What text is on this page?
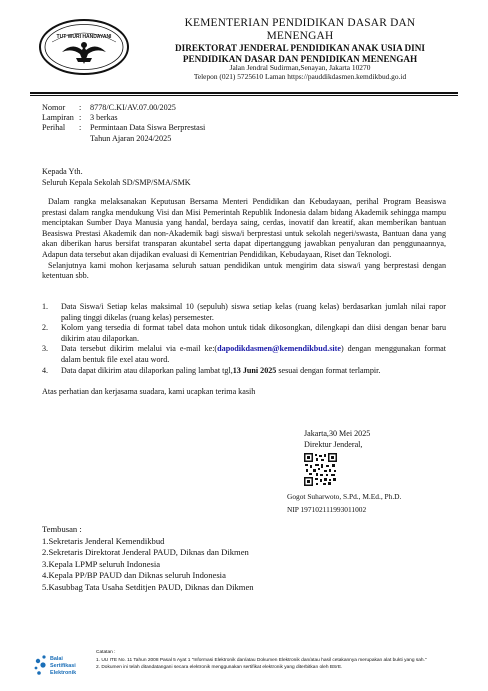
TUT WURI HANDAYANI
KEMENTERIAN PENDIDIKAN DASAR DAN
MENENGAH
DIREKTORAT JENDERAL PENDIDIKAN ANAK USIA DINI
PENDIDIKAN DASAR DAN PENDIDIKAN MENENGAH
Jalan Jendral Sudirman,Senayan, Jakarta 10270
Telepon (021) 5725610 Laman https://pauddikdasmen.kemdikbud.go.id
Nomor	:	8778/C.KI/AV.07.00/2025
Lampiran :	3 berkas
Perihal	:	Permintaan Data Siswa Berprestasi
Tahun Ajaran 2024/2025
Kepada Yth.
Seluruh Kepala Sekolah SD/SMP/SMA/SMK
Dalam rangka melaksanakan Keputusan Bersama Menteri Pendidikan dan Kebudayaan, perihal Program Beasiswa prestasi dalam rangka mendukung Visi dan Misi Pemerintah Republik Indonesia dalam bidang Akademik sehingga mampu menciptakan Sumber Daya Manusia yang handal, berdaya saing, cerdas, inovatif dan kreatif, akan memberikan bantuan Beasiswa Prestasi Akademik dan non-Akademik bagi siswa/i berprestasi untuk sekolah negeri/swasta, Bantuan dana yang akan diberikan harus bersifat transparan akuntabel serta dapat dipertanggung jawabkan penyaluran dan penggunaannya, Adapun data tersebut akan dijadikan evaluasi di Kementrian Pendidikan, Kebudayaan, Riset dan Teknologi.
Selanjutnya kami mohon kerjasama seluruh satuan pendidikan untuk mengirim data siswa/i yang berprestasi dengan ketentuan sbb.
1.	Data Siswa/i Setiap kelas maksimal 10 (sepuluh) siswa setiap kelas (ruang kelas) berdasarkan jumlah nilai rapor paling tinggi dikelas (ruang kelas) persemester.
2.	Kolom yang tersedia di format tabel data mohon untuk tidak dikosongkan, dilengkapi dan diisi dengan benar baru dikirim atau dilaporkan.
3.	Data tersebut dikirim melalui via e-mail ke:(dapodikdasmen@kemendikbud.site) dengan menggunakan format dalam bentuk file exel atau word.
4.	Data dapat dikirim atau dilaporkan paling lambat tgl,13 Juni 2025 sesuai dengan format terlampir.
Atas perhatian dan kerjasama suadara, kami ucapkan terima kasih
Jakarta,30 Mei 2025
Direktur Jenderal,
Gogot Suharwoto, S.Pd., M.Ed., Ph.D.
NIP 197102111993011002
Tembusan :
1.Sekretaris Jenderal Kemendikbud
2.Sekretaris Direktorat Jenderal PAUD, Diknas dan Dikmen
3.Kepala LPMP seluruh Indonesia
4.Kepala PP/BP PAUD dan Diknas seluruh Indonesia
5.Kasubbag Tata Usaha Setditjen PAUD, Diknas dan Dikmen
Balai
Sertifikasi
Elektronik
Catatan :
1. UU ITE No. 11 Tahun 2008 Pasal 5 Ayat 1 "Informasi Elektronik dan/atau Dokumen Elektronik dan/atau hasil cetakannya merupakan alat bukti yang sah."
2. Dokumen ini telah ditandatangani secara elektronik menggunakan sertifikat elektronik yang diterbitkan oleh BSrE.
